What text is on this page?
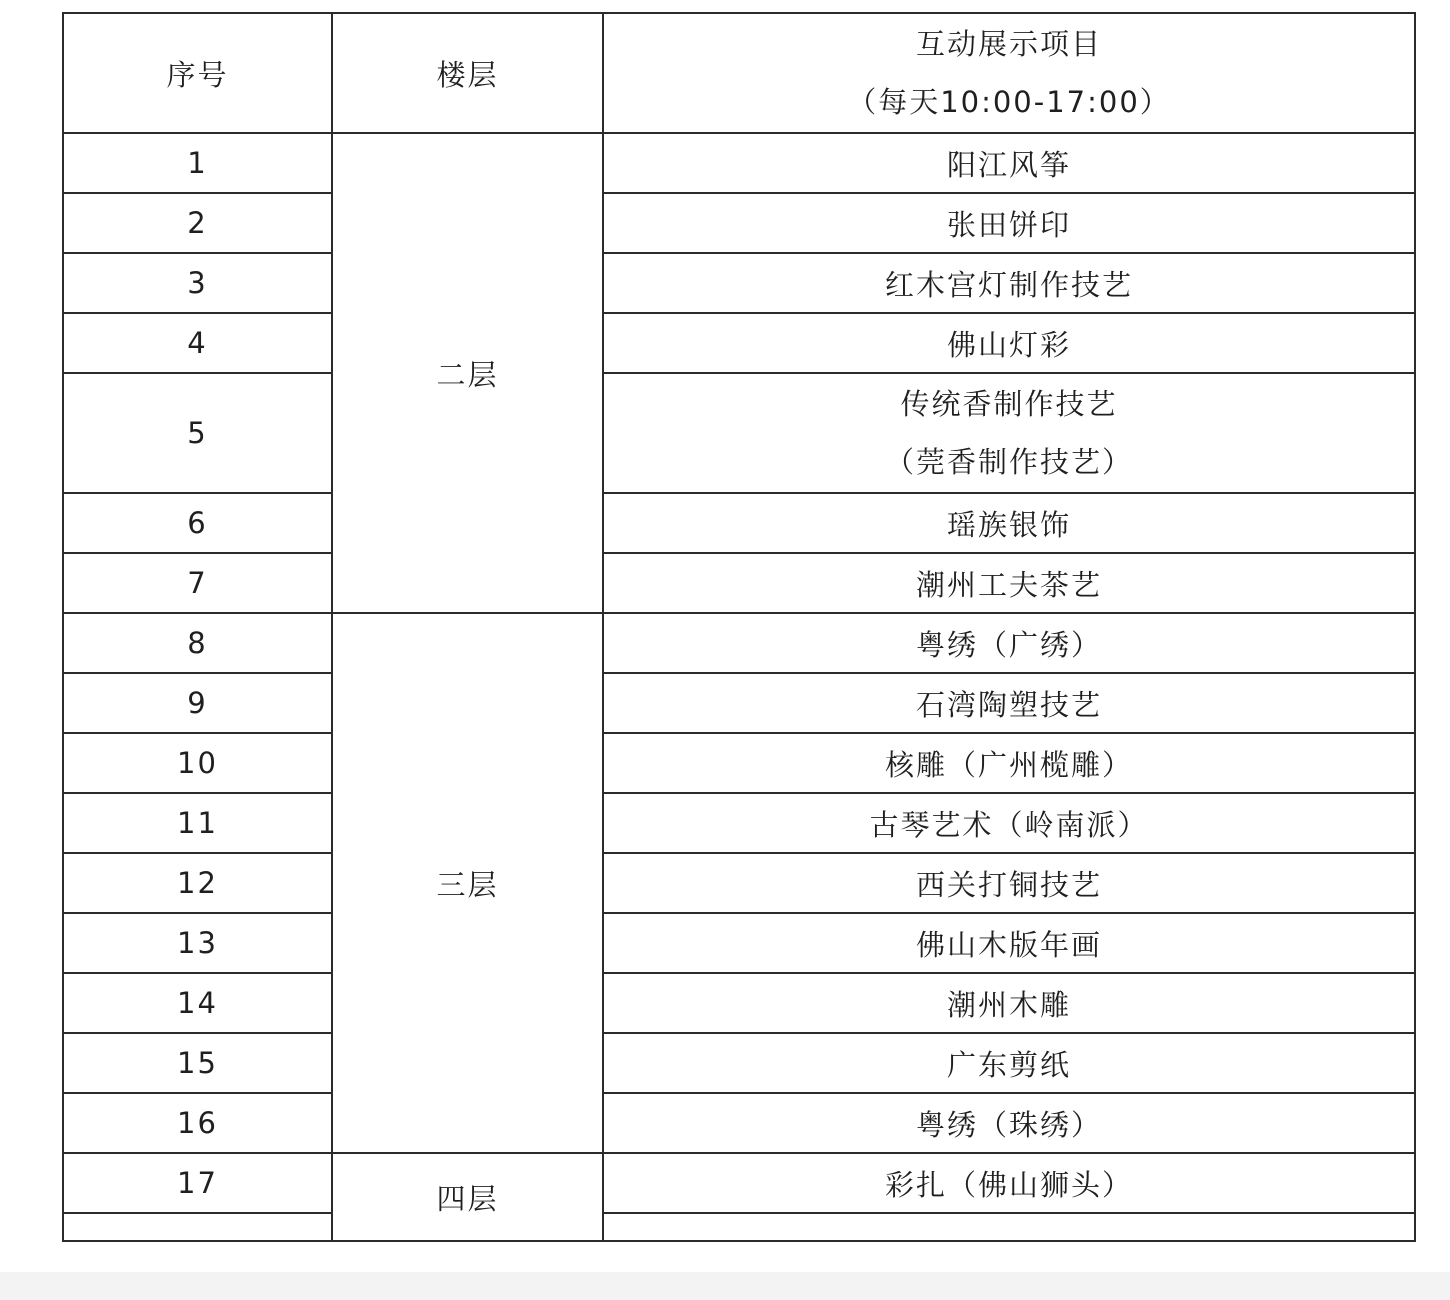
序号	楼层	互动展示项目
（每天10:00-17:00）

1	二层	阳江风筝
2		张田饼印
3		红木宫灯制作技艺
4		佛山灯彩
5		传统香制作技艺
（莞香制作技艺）

6		瑶族银饰
7		潮州工夫茶艺
8	三层	粤绣（广绣）
9		石湾陶塑技艺
10		核雕（广州榄雕）
11		古琴艺术（岭南派）
12		西关打铜技艺
13		佛山木版年画
14		潮州木雕
15		广东剪纸
16		粤绣（珠绣）
17	四层	彩扎（佛山狮头）
